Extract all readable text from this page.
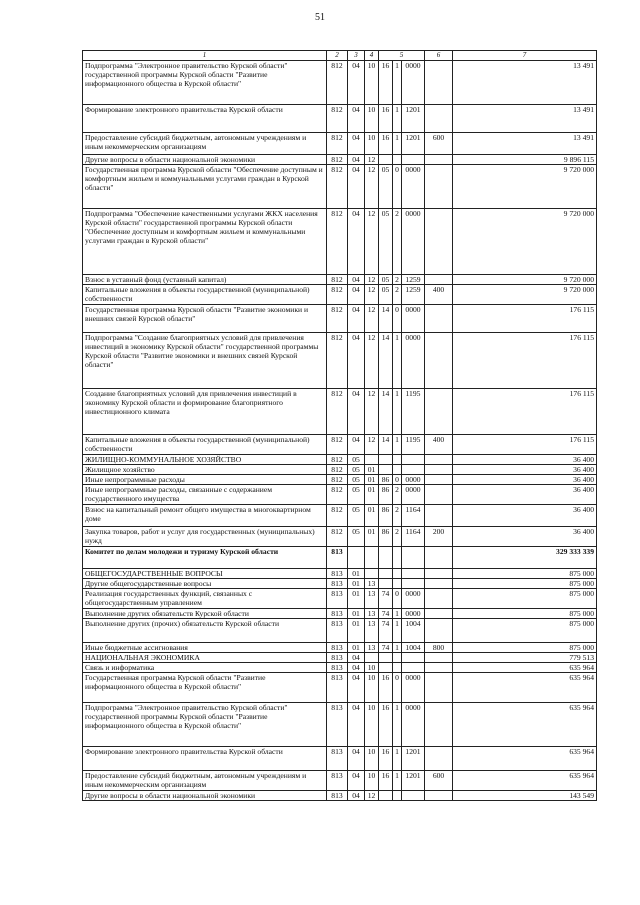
51
1	2	3	4	5			6	7
Подпрограмма "Электронное правительство Курской области" государственной программы Курской области "Развитие информационного общества в Курской области"	812	04	10	16	1	0000		13 491
Формирование электронного правительства Курской области	812	04	10	16	1	1201		13 491
Предоставление субсидий бюджетным, автономным учреждениям и иным некоммерческим организациям	812	04	10	16	1	1201	600	13 491
Другие вопросы в области национальной экономики	812	04	12					9 896 115
Государственная программа Курской области "Обеспечение доступным и комфортным жильем и коммунальными услугами граждан в Курской области"	812	04	12	05	0	0000		9 720 000
Подпрограмма "Обеспечение качественными услугами ЖКХ населения Курской области" государственной программы Курской области "Обеспечение доступным и комфортным жильем и коммунальными услугами граждан в Курской области"	812	04	12	05	2	0000		9 720 000
Взнос в уставный фонд (уставный капитал)	812	04	12	05	2	1259		9 720 000
Капитальные вложения в объекты государственной (муниципальной) собственности	812	04	12	05	2	1259	400	9 720 000
Государственная программа Курской области "Развитие экономики и внешних связей Курской области"	812	04	12	14	0	0000		176 115
Подпрограмма "Создание благоприятных условий для привлечения инвестиций в экономику Курской области" государственной программы Курской области "Развитие экономики и внешних связей Курской области"	812	04	12	14	1	0000		176 115
Создание благоприятных условий для привлечения инвестиций в экономику Курской области и формирование благоприятного инвестиционного климата	812	04	12	14	1	1195		176 115
Капитальные вложения в объекты государственной (муниципальной) собственности	812	04	12	14	1	1195	400	176 115
ЖИЛИЩНО-КОММУНАЛЬНОЕ ХОЗЯЙСТВО	812	05						36 400
Жилищное хозяйство	812	05	01					36 400
Иные непрограммные расходы	812	05	01	86	0	0000		36 400
Иные непрограммные расходы, связанные с содержанием государственного имущества	812	05	01	86	2	0000		36 400
Взнос на капитальный ремонт общего имущества в многоквартирном доме	812	05	01	86	2	1164		36 400
Закупка товаров, работ и услуг для государственных (муниципальных) нужд	812	05	01	86	2	1164	200	36 400
Комитет по делам молодежи и туризму Курской области	813							329 333 339
ОБЩЕГОСУДАРСТВЕННЫЕ ВОПРОСЫ	813	01						875 000
Другие общегосударственные вопросы	813	01	13					875 000
Реализация государственных функций, связанных с общегосударственным управлением	813	01	13	74	0	0000		875 000
Выполнение других обязательств Курской области	813	01	13	74	1	0000		875 000
Выполнение других (прочих) обязательств Курской области	813	01	13	74	1	1004		875 000
Иные бюджетные ассигнования	813	01	13	74	1	1004	800	875 000
НАЦИОНАЛЬНАЯ ЭКОНОМИКА	813	04						779 513
Связь и информатика	813	04	10					635 964
Государственная программа Курской области "Развитие информационного общества в Курской области"	813	04	10	16	0	0000		635 964
Подпрограмма "Электронное правительство Курской области" государственной программы Курской области "Развитие информационного общества в Курской области"	813	04	10	16	1	0000		635 964
Формирование электронного правительства Курской области	813	04	10	16	1	1201		635 964
Предоставление субсидий бюджетным, автономным учреждениям и иным некоммерческим организациям	813	04	10	16	1	1201	600	635 964
Другие вопросы в области национальной экономики	813	04	12					143 549
